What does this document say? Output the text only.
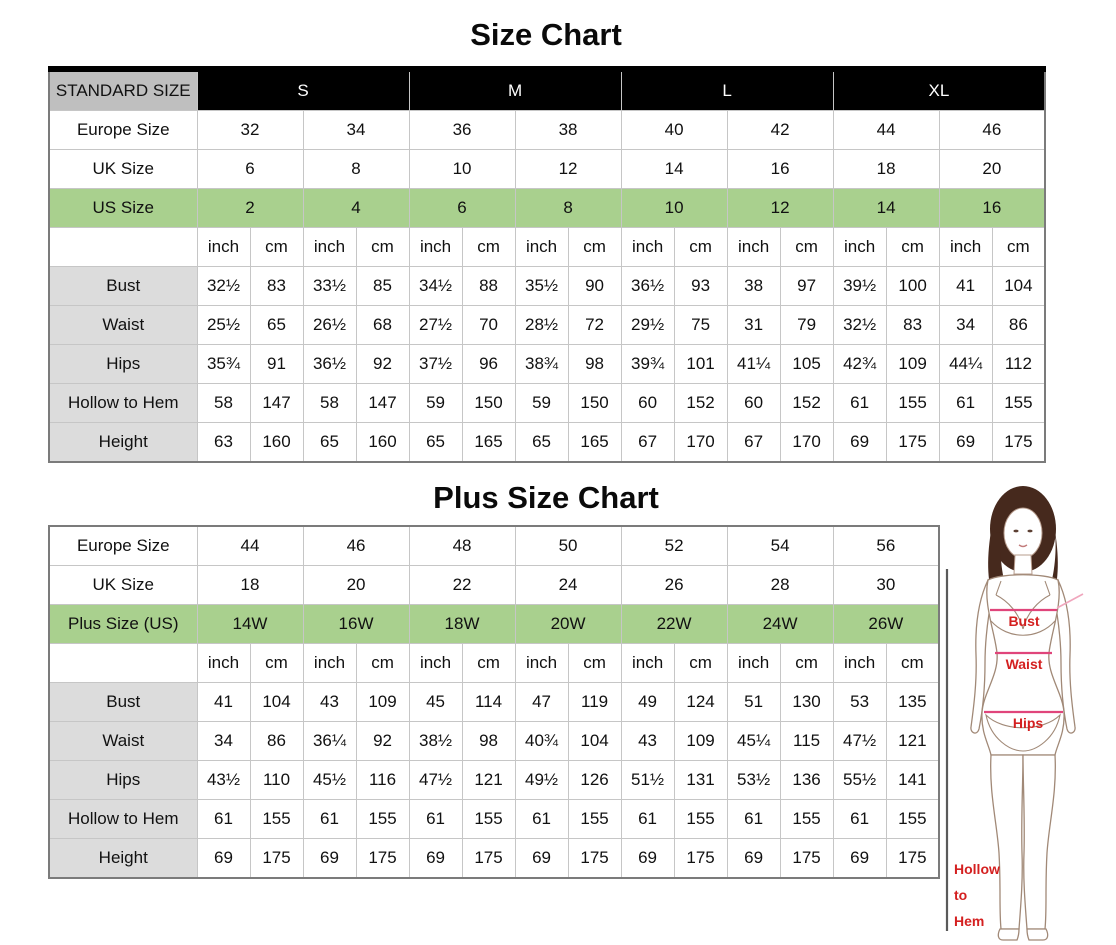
Size Chart
STANDARD SIZE	S				M				L				XL			
Europe Size	32		34		36		38		40		42		44		46	
UK Size	6		8		10		12		14		16		18		20	
US Size	2		4		6		8		10		12		14		16	
	inch	cm	inch	cm	inch	cm	inch	cm	inch	cm	inch	cm	inch	cm	inch	cm
Bust	32½	83	33½	85	34½	88	35½	90	36½	93	38	97	39½	100	41	104
Waist	25½	65	26½	68	27½	70	28½	72	29½	75	31	79	32½	83	34	86
Hips	35¾	91	36½	92	37½	96	38¾	98	39¾	101	41¼	105	42¾	109	44¼	112
Hollow to Hem	58	147	58	147	59	150	59	150	60	152	60	152	61	155	61	155
Height	63	160	65	160	65	165	65	165	67	170	67	170	69	175	69	175
Plus Size Chart
Europe Size	44		46		48		50		52		54		56	
UK Size	18		20		22		24		26		28		30	
Plus Size (US)	14W		16W		18W		20W		22W		24W		26W	
	inch	cm	inch	cm	inch	cm	inch	cm	inch	cm	inch	cm	inch	cm
Bust	41	104	43	109	45	114	47	119	49	124	51	130	53	135
Waist	34	86	36¼	92	38½	98	40¾	104	43	109	45¼	115	47½	121
Hips	43½	110	45½	116	47½	121	49½	126	51½	131	53½	136	55½	141
Hollow to Hem	61	155	61	155	61	155	61	155	61	155	61	155	61	155
Height	69	175	69	175	69	175	69	175	69	175	69	175	69	175
Bust
Waist
Hips
Hollow
to
Hem
